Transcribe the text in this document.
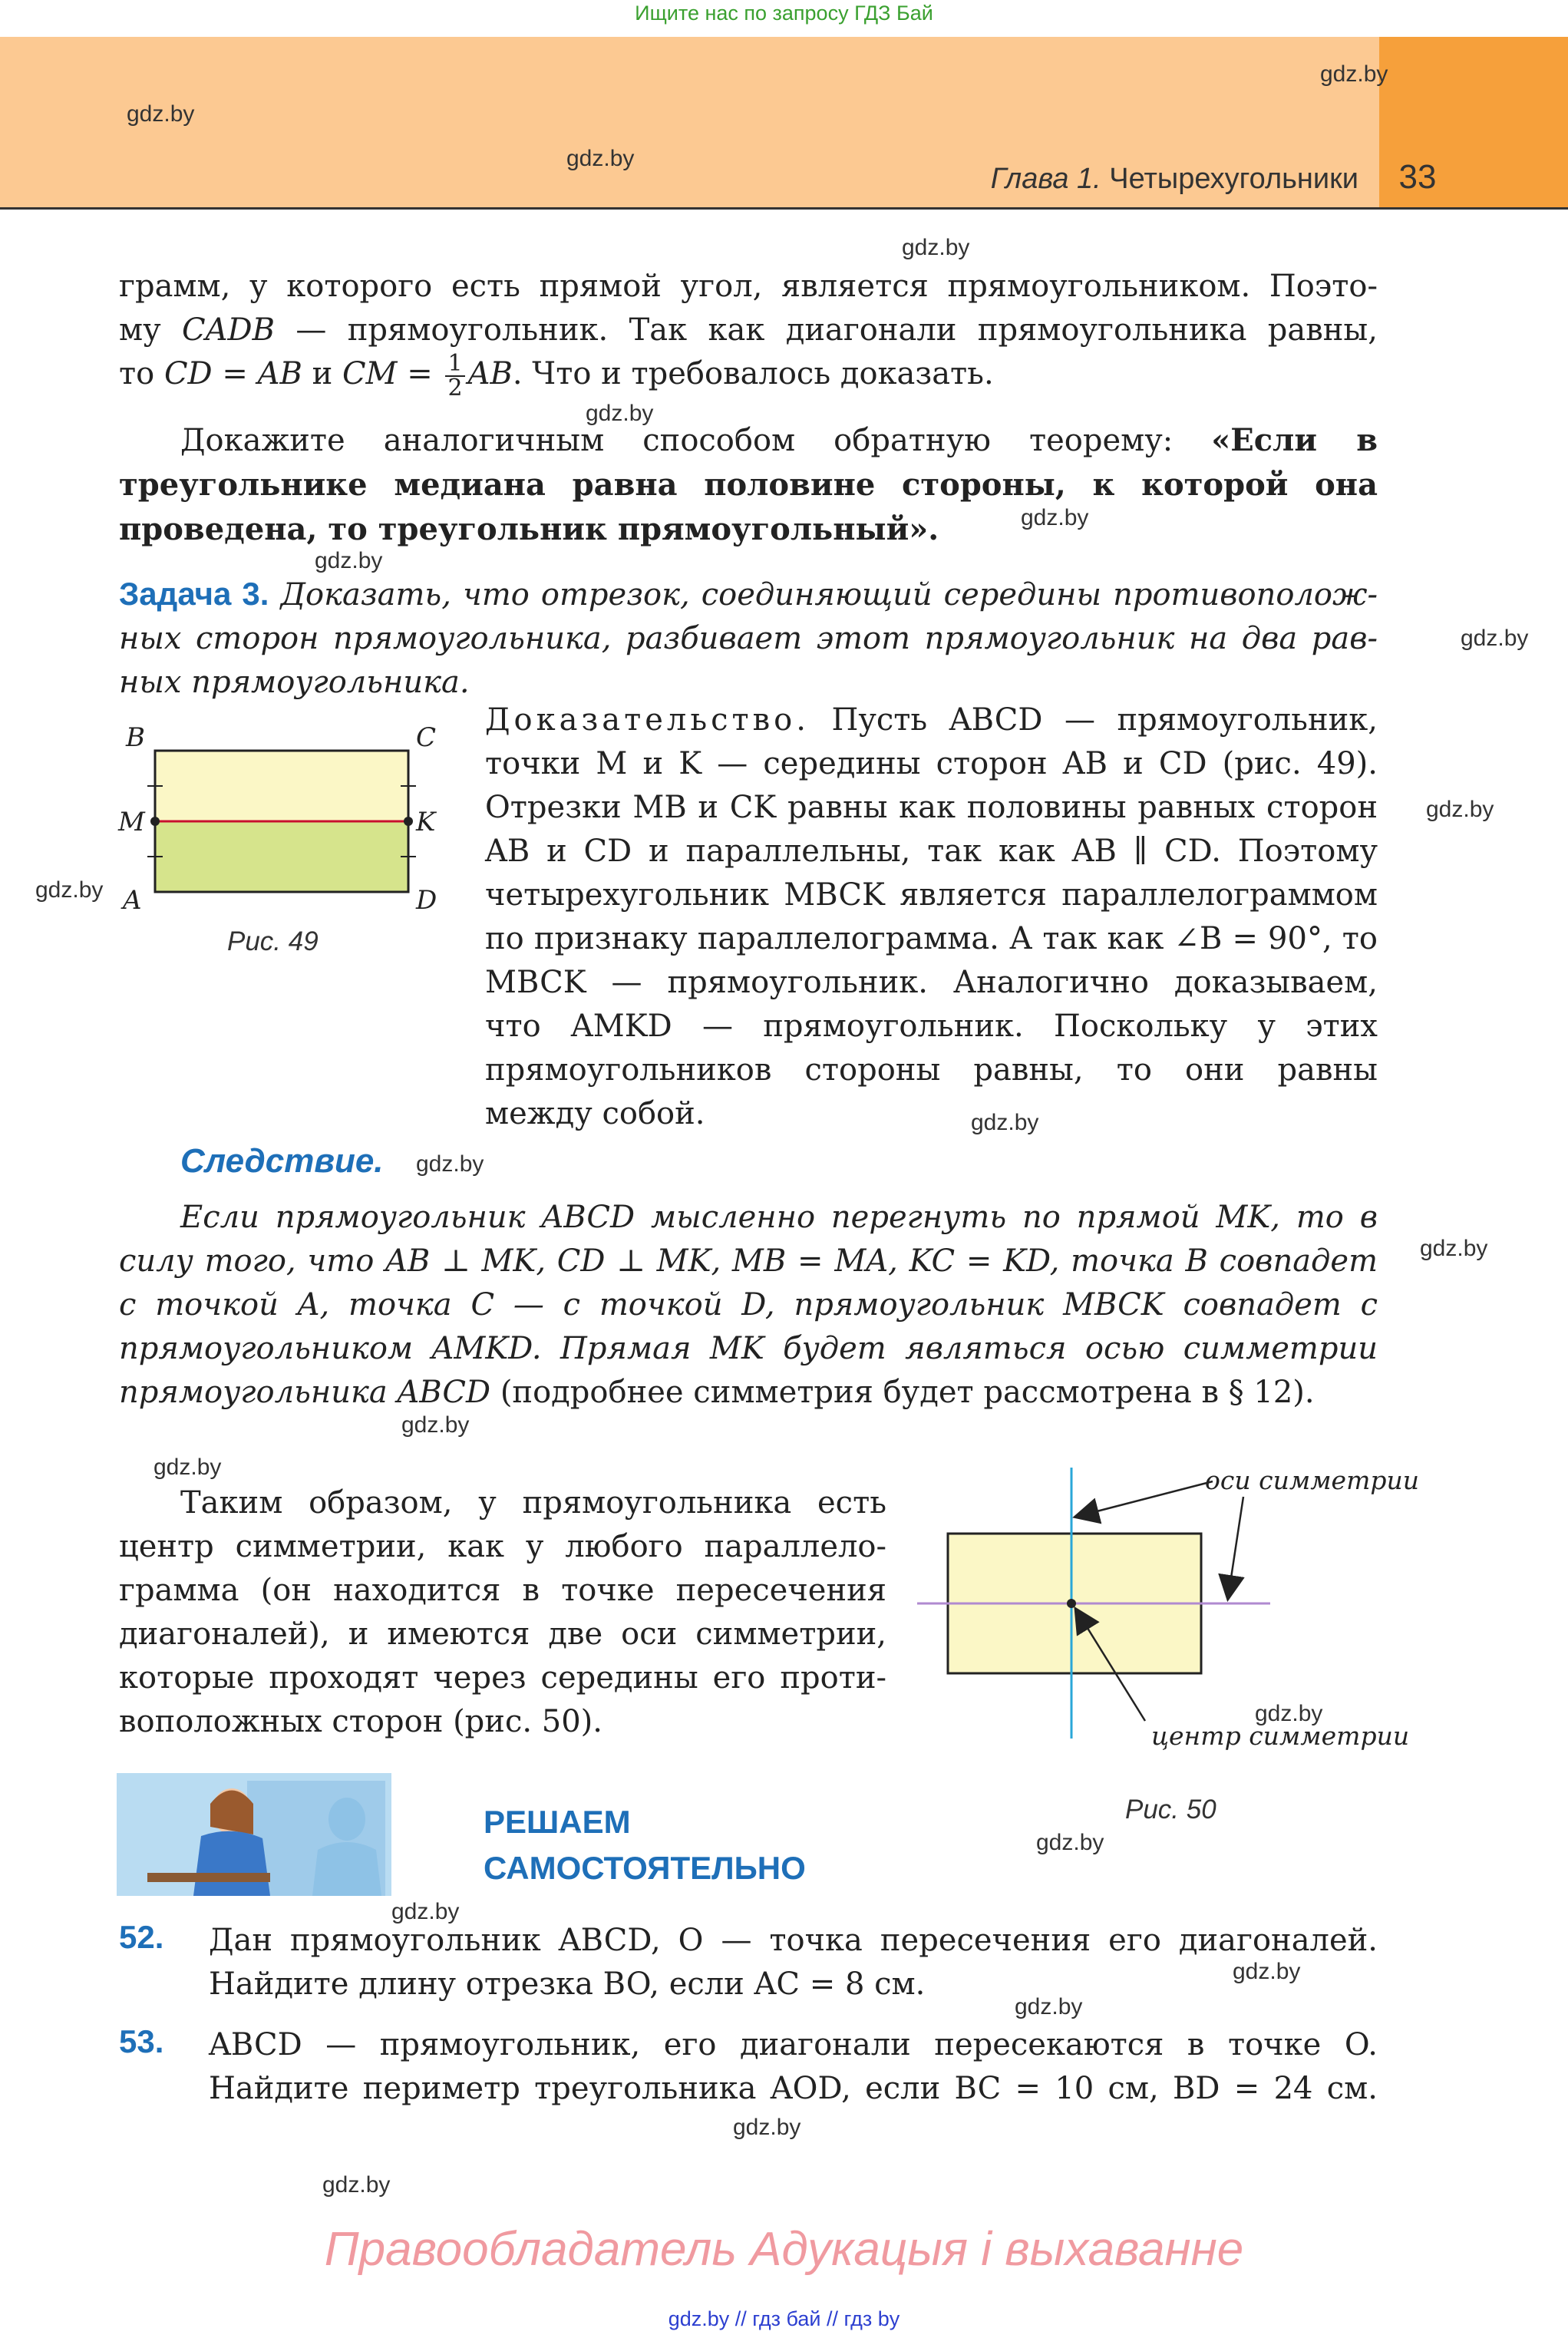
Ищите нас по запросу ГДЗ Бай
Глава 1. Четырехугольники	33
gdz.by
gdz.by
gdz.by
gdz.by
gdz.by
gdz.by
gdz.by
gdz.by
gdz.by
gdz.by
gdz.by
gdz.by
gdz.by
gdz.by
gdz.by
gdz.by
gdz.by
gdz.by
gdz.by
gdz.by
gdz.by
gdz.by
грамм, у которого есть прямой угол, является прямоугольником. Поэто-
му CADB — прямоугольник. Так как диагонали прямоугольника равны,
то CD = AB и CM = $\frac{1}{2}$ AB. Что и требовалось доказать.
Докажите аналогичным способом обратную теорему: «Если в треугольнике медиана равна половине стороны, к которой она проведена, то треугольник прямоугольный».
Задача 3. Доказать, что отрезок, соединяющий середины противоположных сторон прямоугольника, разбивает этот прямоугольник на два равных прямоугольника.
B	C
M	K
A	D
Рис. 49
Доказательство. Пусть ABCD — прямоугольник, точки M и K — середины сторон AB и CD (рис. 49). Отрезки MB и CK равны как половины равных сторон AB и CD и параллельны, так как AB ∥ CD. Поэтому четырехугольник MBCK является параллелограммом по признаку параллелограмма. А так как ∠B = 90°, то MBCK — прямоугольник. Аналогично доказываем, что AMKD — прямоугольник. Поскольку у этих прямоугольников стороны равны, то они равны между собой.
Следствие.
Если прямоугольник ABCD мысленно перегнуть по прямой MK, то в силу того, что AB ⊥ MK, CD ⊥ MK, MB = MA, KC = KD, точка B совпадет с точкой A, точка C — с точкой D, прямоугольник MBCK совпадет с прямоугольником AMKD. Прямая MK будет являться осью симметрии прямоугольника ABCD (подробнее симметрия будет рассмотрена в § 12).
Таким образом, у прямоугольника есть центр симметрии, как у любого параллелограмма (он находится в точке пересечения диагоналей), и имеются две оси симметрии, которые проходят через середины его противоположных сторон (рис. 50).
оси симметрии
центр симметрии
Рис. 50
РЕШАЕМ
САМОСТОЯТЕЛЬНО
52. Дан прямоугольник ABCD, O — точка пересечения его диагоналей.
Найдите длину отрезка BO, если AC = 8 см.
53. ABCD — прямоугольник, его диагонали пересекаются в точке O.
Найдите периметр треугольника AOD, если BC = 10 см, BD = 24 см.
Правообладатель Адукацыя і выхаванне
gdz.by // гдз бай // гдз by
